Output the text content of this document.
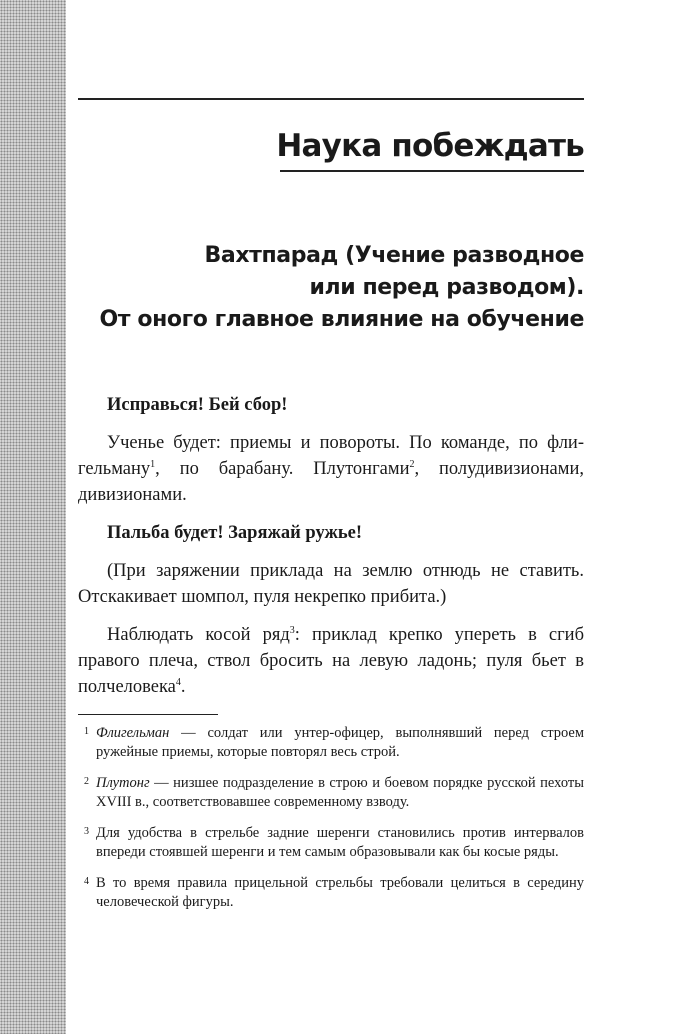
Наука побеждать
Вахтпарад (Учение разводное
или перед разводом).
От оного главное влияние на обучение

Исправься! Бей сбор!

Ученье будет: приемы и повороты. По команде, по фли- гельману$^1$, по барабану. Плутонгами$^2$, полудивизионами, дивизионами.

Пальба будет! Заряжай ружье!

(При заряжении приклада на землю отнюдь не ставить. Отскакивает шомпол, пуля некрепко прибита.)

Наблюдать косой ряд$^3$: приклад крепко упереть в сгиб правого плеча, ствол бросить на левую ладонь; пуля бьет в полчеловека$^4$.

1 Флигельман — солдат или унтер-офицер, выполнявший перед строем ружейные приемы, которые повторял весь строй.
2 Плутонг — низшее подразделение в строю и боевом порядке русской пехоты XVIII в., соответствовавшее современному взводу.
3 Для удобства в стрельбе задние шеренги становились против интервалов впереди стоявшей шеренги и тем самым образовывали как бы косые ряды.
4 В то время правила прицельной стрельбы требовали целиться в середину человеческой фигуры.
